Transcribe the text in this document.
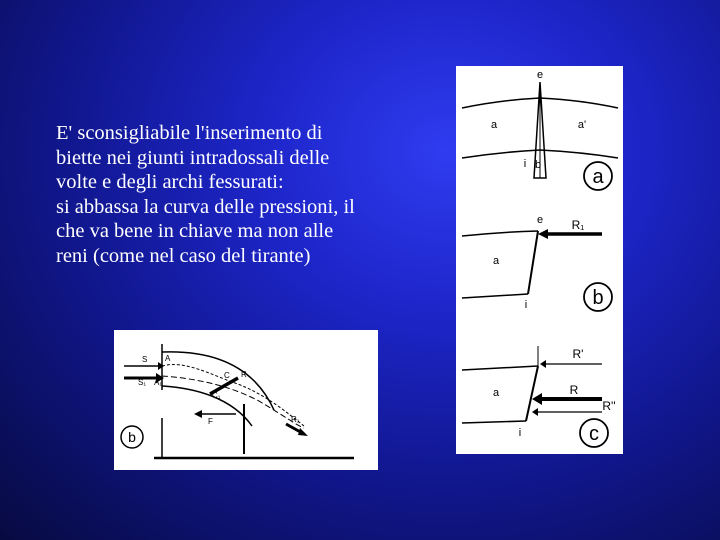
E' sconsigliabile l'inserimento di
biette nei giunti intradossali delle
volte e degli archi fessurati:
si abbassa la curva delle pressioni, il
che va bene in chiave ma non alle
reni (come nel caso del tirante)
b
S
S₁
A
A₁
C
C₁
R
R₁
F
e
a	a'
i b
a
e
a
R₁
i	b
R'
R
R''
a
i	c
